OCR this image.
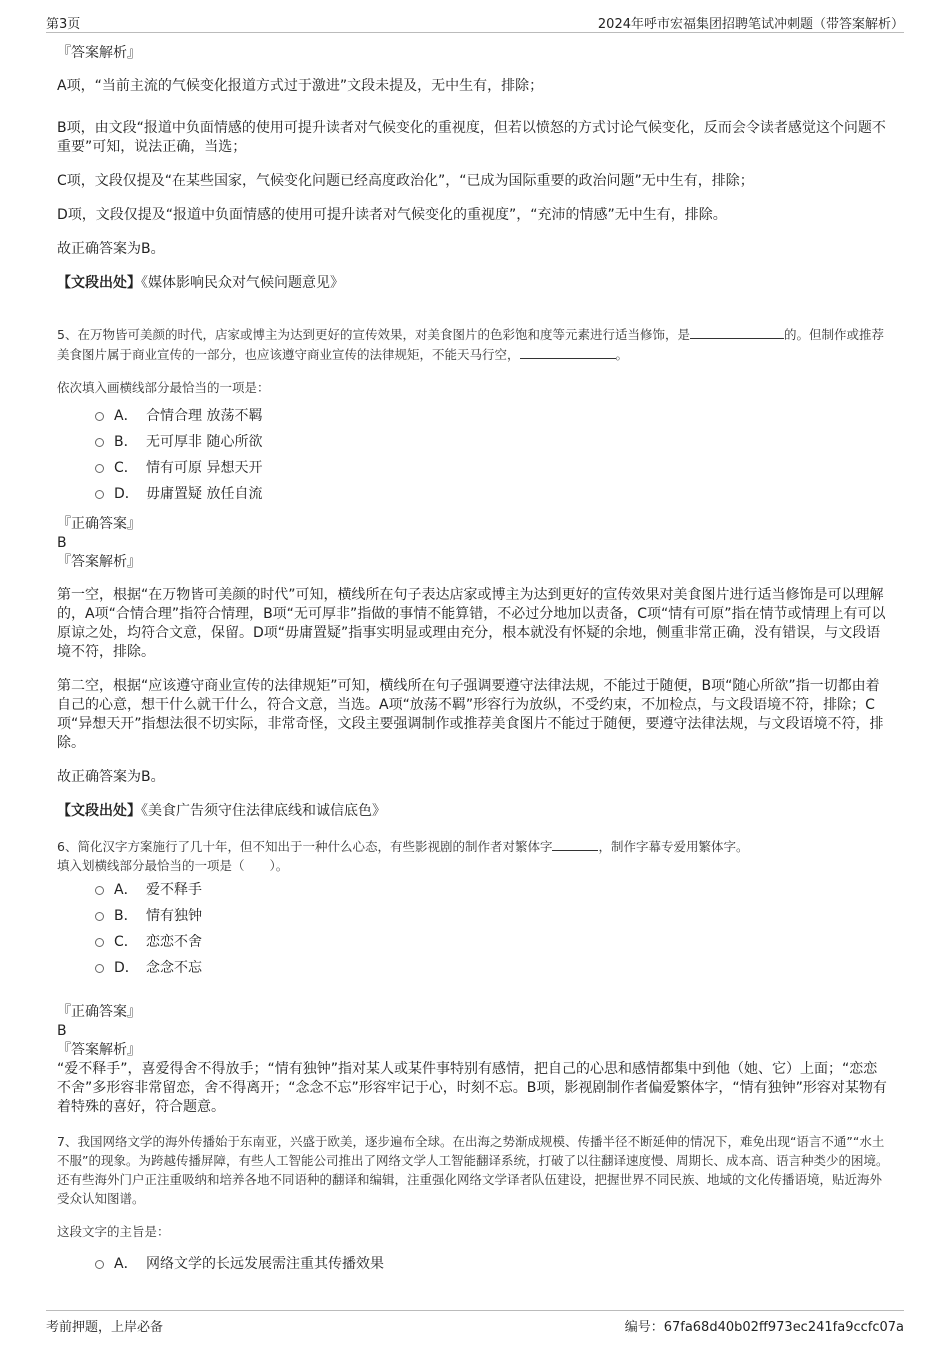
第3页	2024年呼市宏福集团招聘笔试冲刺题（带答案解析）

『答案解析』

A项，“当前主流的气候变化报道方式过于激进”文段未提及，无中生有，排除；

B项，由文段“报道中负面情感的使用可提升读者对气候变化的重视度，但若以愤怒的方式讨论气候变化，反而会令读者感觉这个问题不重要”可知，说法正确，当选；

C项，文段仅提及“在某些国家，气候变化问题已经高度政治化”，“已成为国际重要的政治问题”无中生有，排除；

D项，文段仅提及“报道中负面情感的使用可提升读者对气候变化的重视度”，“充沛的情感”无中生有，排除。

故正确答案为B。

【文段出处】《媒体影响民众对气候问题意见》

5、在万物皆可美颜的时代，店家或博主为达到更好的宣传效果，对美食图片的色彩饱和度等元素进行适当修饰，是	的。但制作或推荐美食图片属于商业宣传的一部分，也应该遵守商业宣传的法律规矩，不能天马行空，	。

依次填入画横线部分最恰当的一项是：

A． 合情合理 放荡不羁
B． 无可厚非 随心所欲
C． 情有可原 异想天开
D． 毋庸置疑 放任自流

『正确答案』

B

『答案解析』

第一空，根据“在万物皆可美颜的时代”可知，横线所在句子表达店家或博主为达到更好的宣传效果对美食图片进行适当修饰是可以理解的，A项“合情合理”指符合情理，B项“无可厚非”指做的事情不能算错，不必过分地加以责备，C项“情有可原”指在情节或情理上有可以原谅之处，均符合文意，保留。D项“毋庸置疑”指事实明显或理由充分，根本就没有怀疑的余地，侧重非常正确，没有错误，与文段语境不符，排除。

第二空，根据“应该遵守商业宣传的法律规矩”可知，横线所在句子强调要遵守法律法规，不能过于随便，B项“随心所欲”指一切都由着自己的心意，想干什么就干什么，符合文意，当选。A项“放荡不羁”形容行为放纵，不受约束，不加检点，与文段语境不符，排除；C项“异想天开”指想法很不切实际，非常奇怪，文段主要强调制作或推荐美食图片不能过于随便，要遵守法律法规，与文段语境不符，排除。

故正确答案为B。

【文段出处】《美食广告须守住法律底线和诚信底色》

6、简化汉字方案施行了几十年，但不知出于一种什么心态，有些影视剧的制作者对繁体字	，制作字幕专爱用繁体字。

填入划横线部分最恰当的一项是（　　）。

A． 爱不释手
B． 情有独钟
C． 恋恋不舍
D． 念念不忘

『正确答案』

B

『答案解析』

“爱不释手”，喜爱得舍不得放手；“情有独钟”指对某人或某件事特别有感情，把自己的心思和感情都集中到他（她、它）上面；“恋恋不舍”多形容非常留恋，舍不得离开；“念念不忘”形容牢记于心，时刻不忘。B项，影视剧制作者偏爱繁体字，“情有独钟”形容对某物有着特殊的喜好，符合题意。

7、我国网络文学的海外传播始于东南亚，兴盛于欧美，逐步遍布全球。在出海之势渐成规模、传播半径不断延伸的情况下，难免出现“语言不通”“水土不服”的现象。为跨越传播屏障，有些人工智能公司推出了网络文学人工智能翻译系统，打破了以往翻译速度慢、周期长、成本高、语言种类少的困境。还有些海外门户正注重吸纳和培养各地不同语种的翻译和编辑，注重强化网络文学译者队伍建设，把握世界不同民族、地域的文化传播语境，贴近海外受众认知图谱。

这段文字的主旨是：

A． 网络文学的长远发展需注重其传播效果
考前押题，上岸必备	编号：67fa68d40b02ff973ec241fa9ccfc07a
